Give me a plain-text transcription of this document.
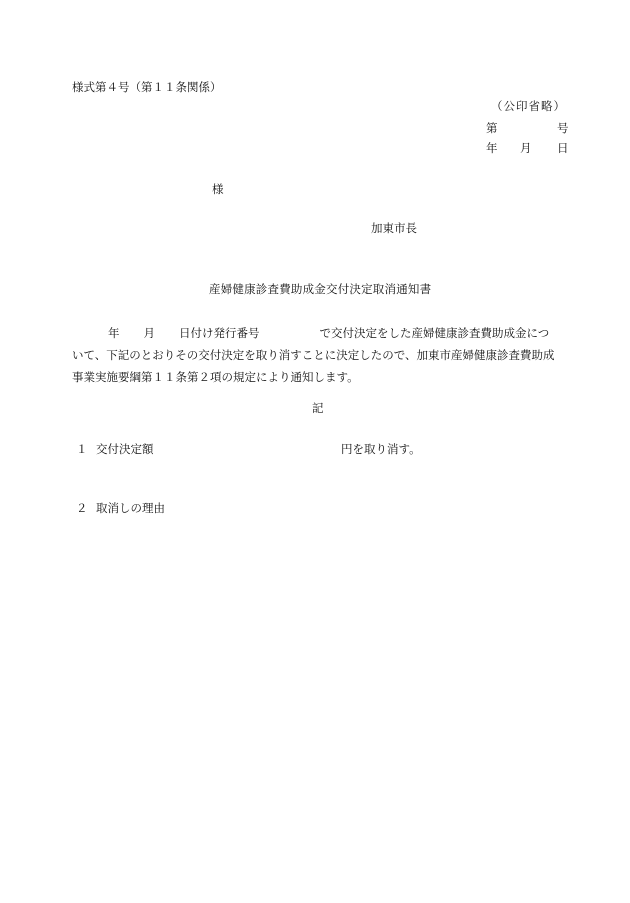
様式第４号（第１１条関係）
（公印省略）
第	号
年 月 日
様
加東市長
産婦健康診査費助成金交付決定取消通知書
年 月 日付け発行番号	で交付決定をした産婦健康診査費助成金につ
いて、下記のとおりその交付決定を取り消すことに決定したので、加東市産婦健康診査費助成
事業実施要綱第１１条第２項の規定により通知します。
記
１ 交付決定額	円を取り消す。
２ 取消しの理由
